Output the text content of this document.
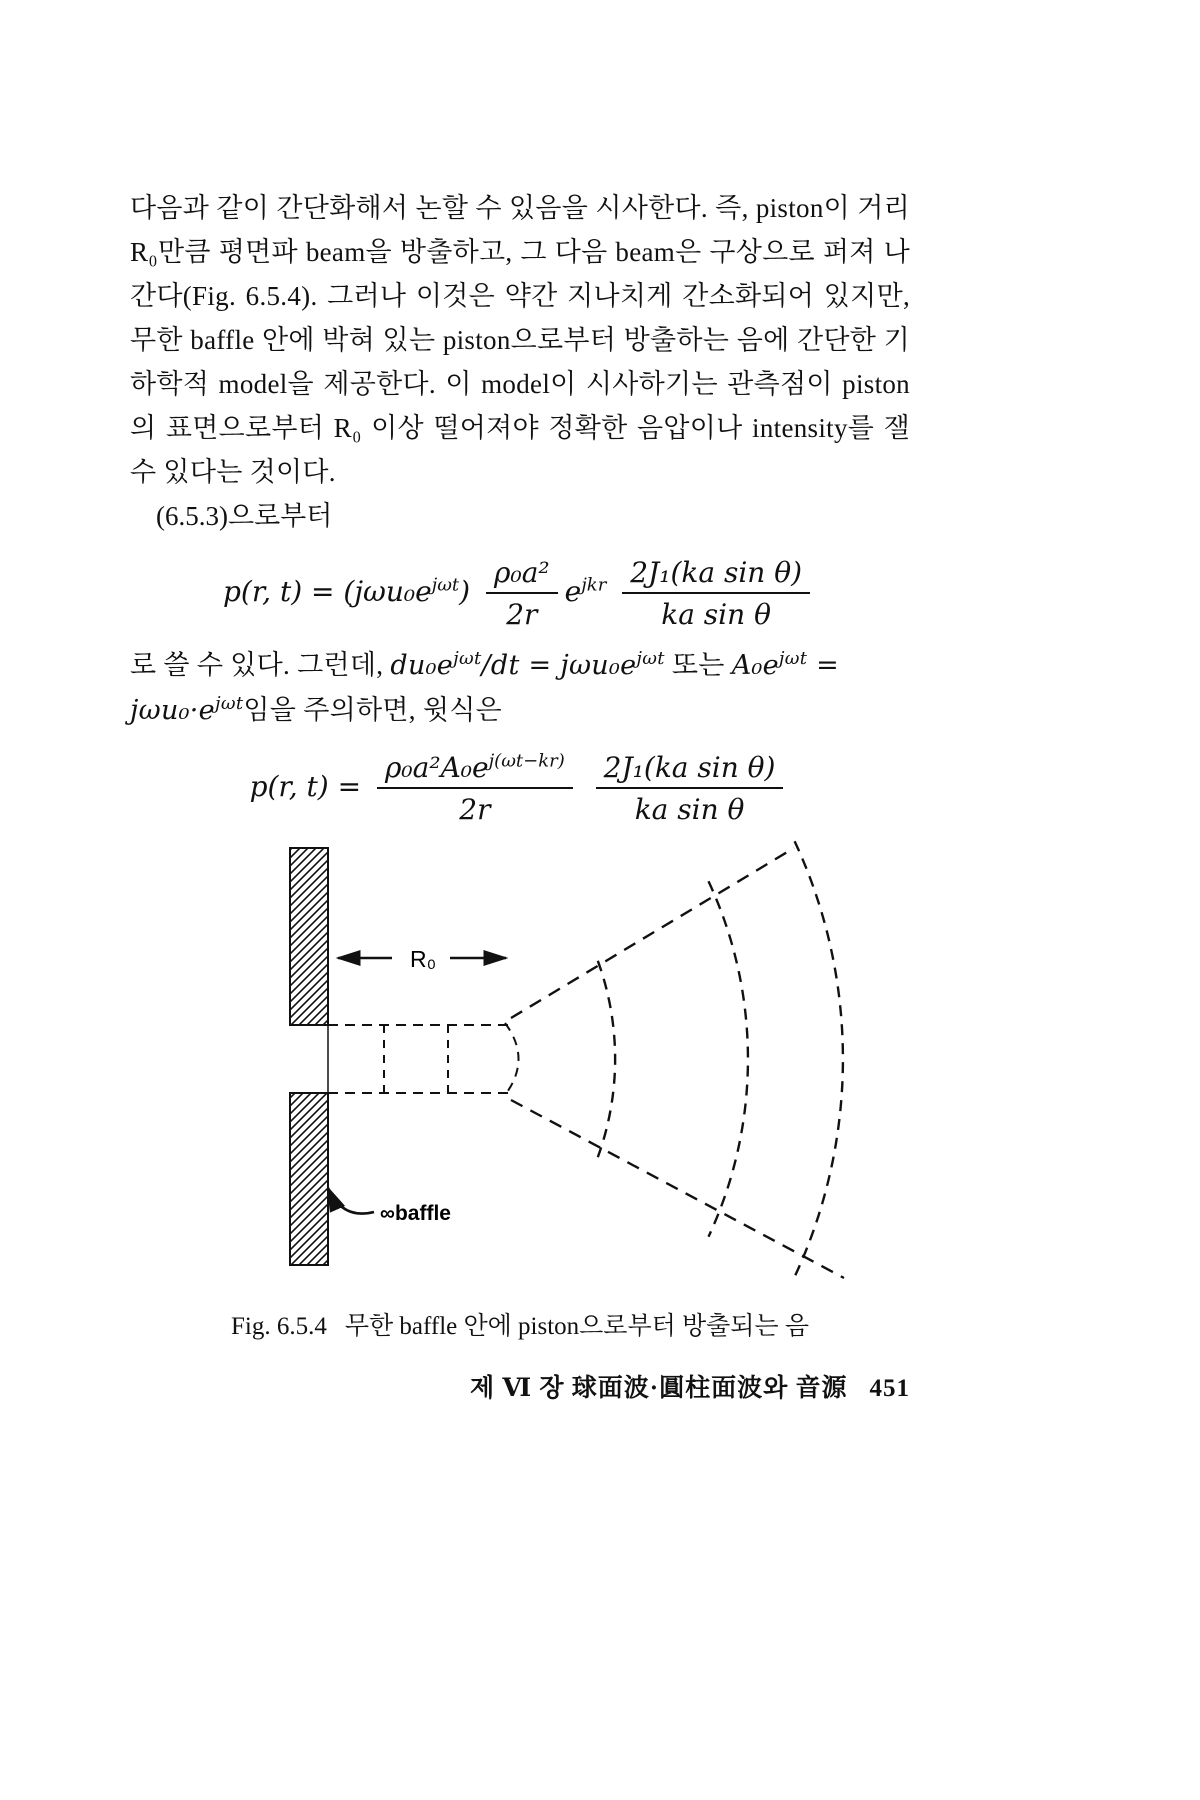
다음과 같이 간단화해서 논할 수 있음을 시사한다. 즉, piston이 거리 R₀만큼 평면파 beam을 방출하고, 그 다음 beam은 구상으로 퍼져 나간다(Fig. 6.5.4). 그러나 이것은 약간 지나치게 간소화되어 있지만, 무한 baffle 안에 박혀 있는 piston으로부터 방출하는 음에 간단한 기하학적 model을 제공한다. 이 model이 시사하기는 관측점이 piston의 표면으로부터 R₀ 이상 떨어져야 정확한 음압이나 intensity를 잴 수 있다는 것이다.

(6.5.3)으로부터

p(r, $t) = (j\omega u_0e^{j\omega t}) \frac{\text{ρ₀a²}}{2r} e^{jkr} \frac{\text{2J₁(ka sin θ)}}{\text{ka sin θ}}$

로 쓸 수 있다. 그런데, $du_0e^{j\omega t}/dt = j\omega u_0e^{j\omega t}$ 또는 $A_0e^{j\omega t}$ =
$j\omega u_0\cdot e^{j\omega t}$임을 주의하면, 윗식은

p(r, $t) = \frac{\rho_0a^2A_0e^{j(\omega t-kr)}}{2r}$
$\frac{\text{2J₁(ka sin θ)}}{\text{ka sin θ}}$
R₀
∞baffle
Fig. 6.5.4 무한 baffle 안에 piston으로부터 방출되는 음
제 Ⅵ 장 球面波·圓柱面波와 音源 451
